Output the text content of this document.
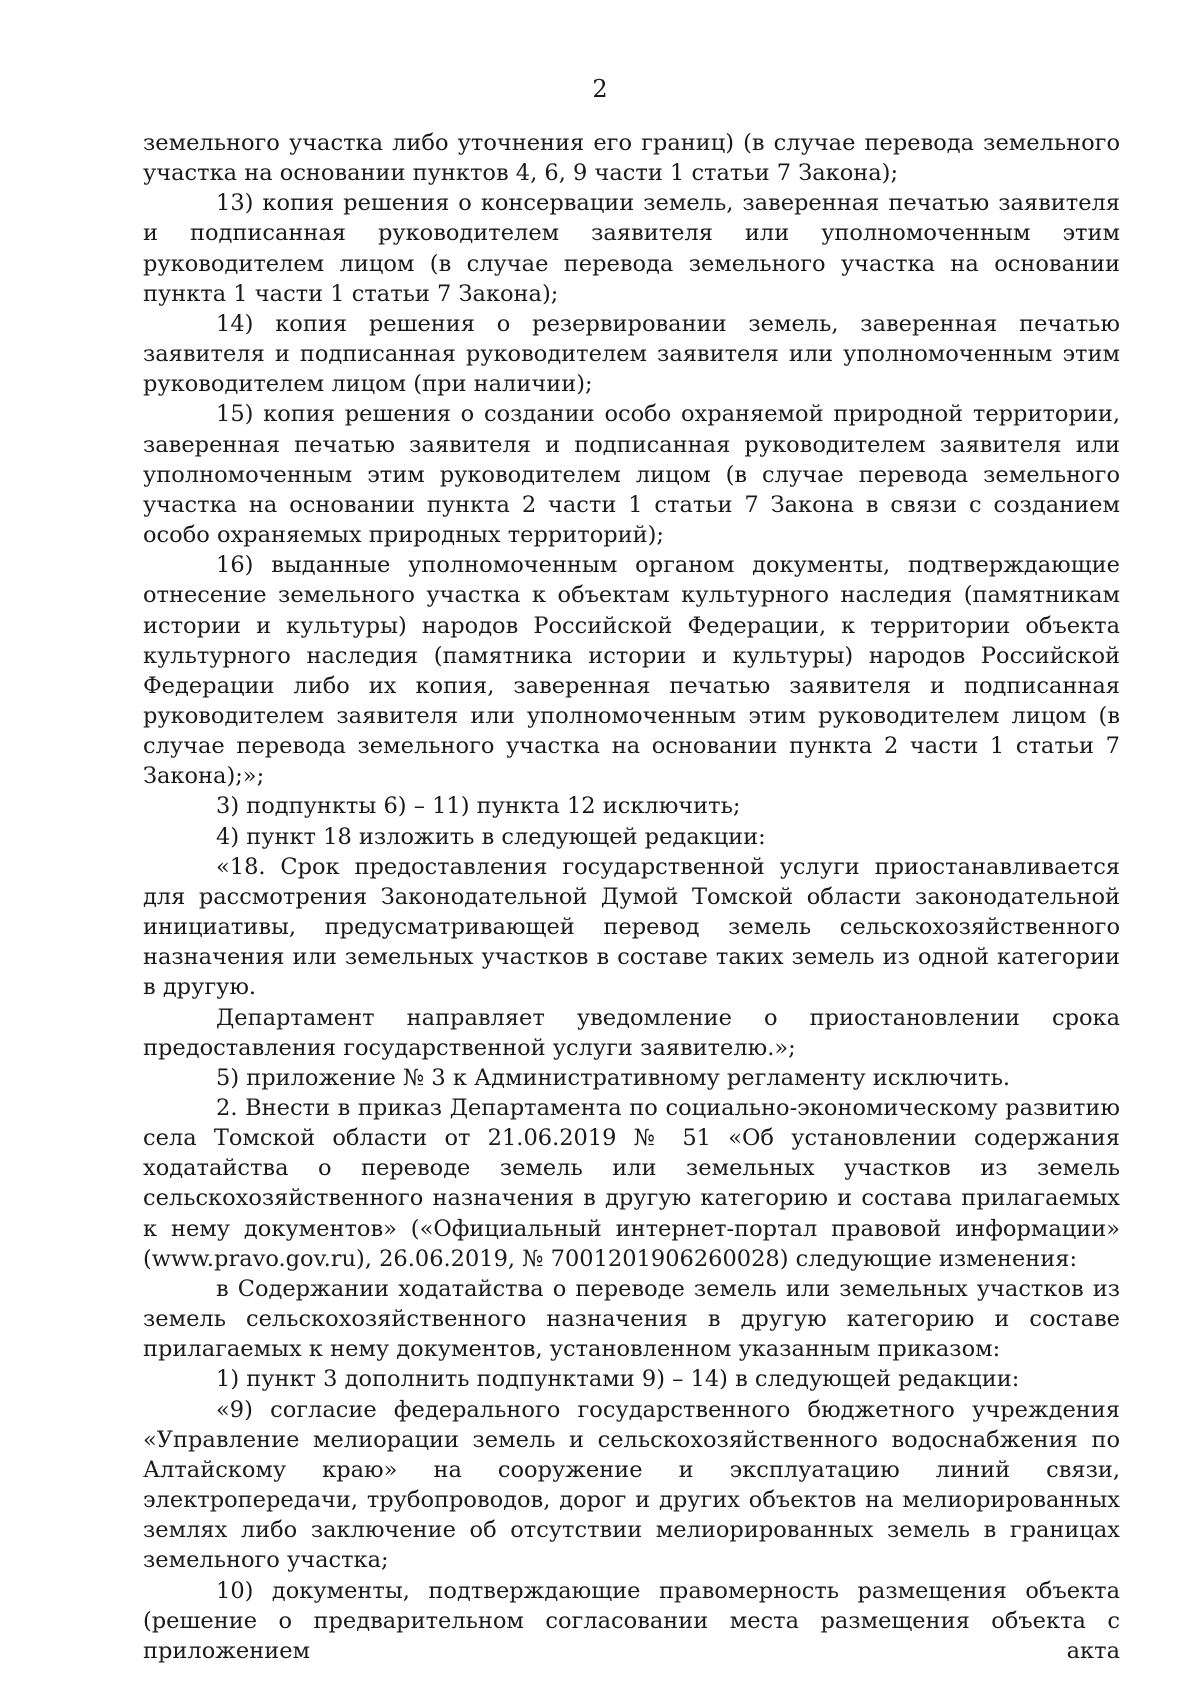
2

земельного участка либо уточнения его границ) (в случае перевода земельного участка на основании пунктов 4, 6, 9 части 1 статьи 7 Закона);

13) копия решения о консервации земель, заверенная печатью заявителя и подписанная руководителем заявителя или уполномоченным этим руководителем лицом (в случае перевода земельного участка на основании пункта 1 части 1 статьи 7 Закона);

14) копия решения о резервировании земель, заверенная печатью заявителя и подписанная руководителем заявителя или уполномоченным этим руководителем лицом (при наличии);

15) копия решения о создании особо охраняемой природной территории, заверенная печатью заявителя и подписанная руководителем заявителя или уполномоченным этим руководителем лицом (в случае перевода земельного участка на основании пункта 2 части 1 статьи 7 Закона в связи с созданием особо охраняемых природных территорий);

16) выданные уполномоченным органом документы, подтверждающие отнесение земельного участка к объектам культурного наследия (памятникам истории и культуры) народов Российской Федерации, к территории объекта культурного наследия (памятника истории и культуры) народов Российской Федерации либо их копия, заверенная печатью заявителя и подписанная руководителем заявителя или уполномоченным этим руководителем лицом (в случае перевода земельного участка на основании пункта 2 части 1 статьи 7 Закона);»;

3) подпункты 6) – 11) пункта 12 исключить;

4) пункт 18 изложить в следующей редакции:

«18. Срок предоставления государственной услуги приостанавливается для рассмотрения Законодательной Думой Томской области законодательной инициативы, предусматривающей перевод земель сельскохозяйственного назначения или земельных участков в составе таких земель из одной категории в другую.

Департамент направляет уведомление о приостановлении срока предоставления государственной услуги заявителю.»;

5) приложение № 3 к Административному регламенту исключить.

2. Внести в приказ Департамента по социально-экономическому развитию села Томской области от 21.06.2019 № 51 «Об установлении содержания ходатайства о переводе земель или земельных участков из земель сельскохозяйственного назначения в другую категорию и состава прилагаемых к нему документов» («Официальный интернет-портал правовой информации» (www.pravo.gov.ru), 26.06.2019, № 7001201906260028) следующие изменения:

в Содержании ходатайства о переводе земель или земельных участков из земель сельскохозяйственного назначения в другую категорию и составе прилагаемых к нему документов, установленном указанным приказом:

1) пункт 3 дополнить подпунктами 9) – 14) в следующей редакции:

«9) согласие федерального государственного бюджетного учреждения «Управление мелиорации земель и сельскохозяйственного водоснабжения по Алтайскому краю» на сооружение и эксплуатацию линий связи, электропередачи, трубопроводов, дорог и других объектов на мелиорированных землях либо заключение об отсутствии мелиорированных земель в границах земельного участка;

10) документы, подтверждающие правомерность размещения объекта (решение о предварительном согласовании места размещения объекта с приложением акта
